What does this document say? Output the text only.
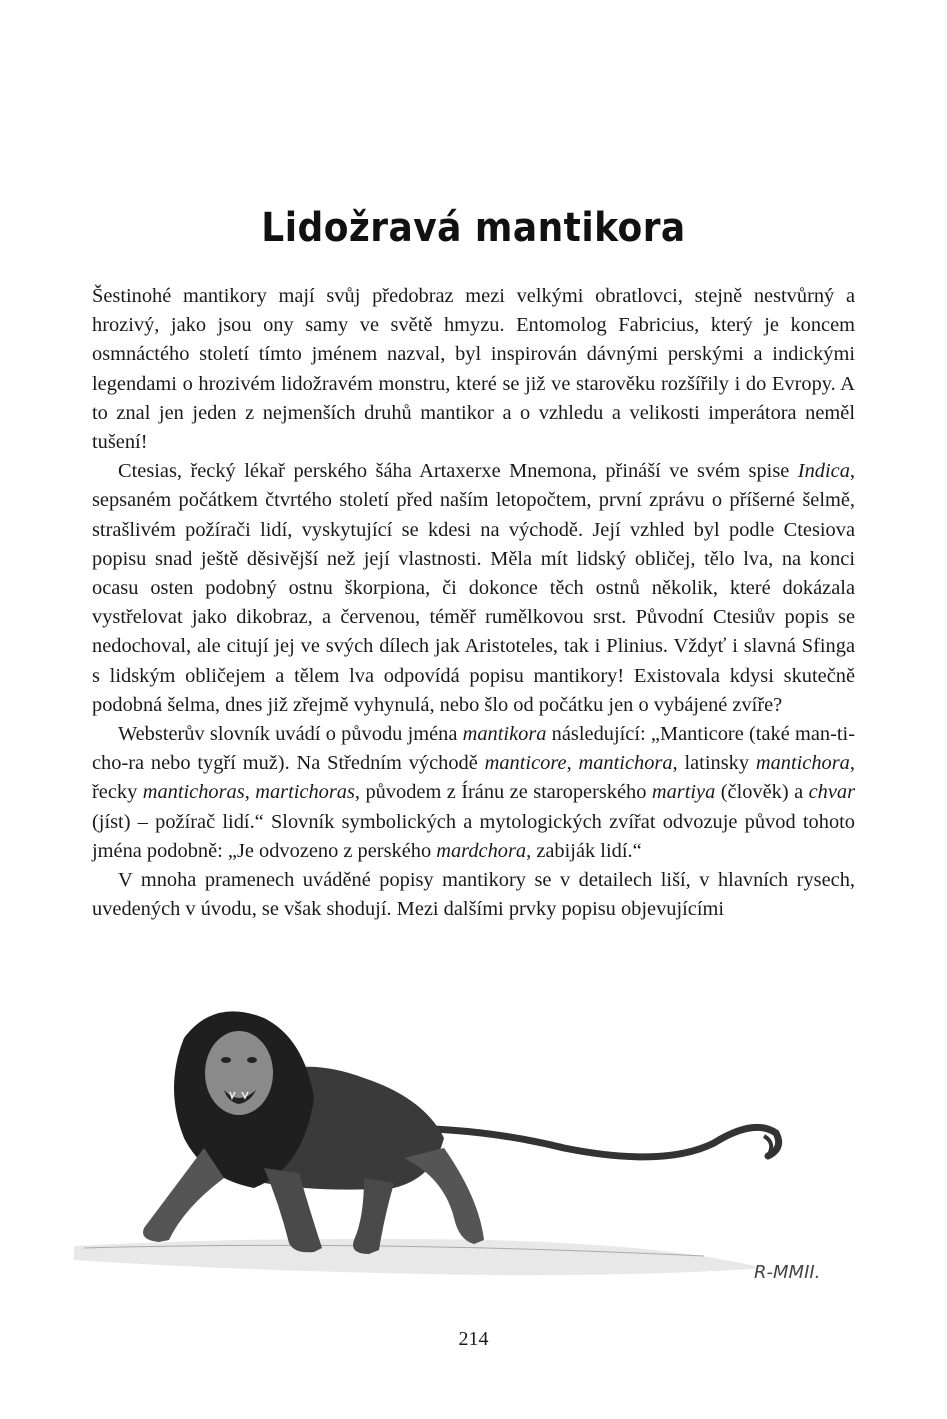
Lidožravá mantikora

Šestinohé mantikory mají svůj předobraz mezi velkými obratlovci, stejně nestvůrný a hrozivý, jako jsou ony samy ve světě hmyzu. Entomolog Fabricius, který je koncem osmnáctého století tímto jménem nazval, byl inspirován dávnými perskými a indickými legendami o hrozivém lidožravém monstru, které se již ve starověku rozšířily i do Evropy. A to znal jen jeden z nejmenších druhů mantikor a o vzhledu a velikosti imperátora neměl tušení!

Ctesias, řecký lékař perského šáha Artaxerxe Mnemona, přináší ve svém spise Indica, sepsaném počátkem čtvrtého století před naším letopočtem, první zprávu o příšerné šelmě, strašlivém požírači lidí, vyskytující se kdesi na východě. Její vzhled byl podle Ctesiova popisu snad ještě děsivější než její vlastnosti. Měla mít lidský obličej, tělo lva, na konci ocasu osten podobný ostnu škorpiona, či dokonce těch ostnů několik, které dokázala vystřelovat jako dikobraz, a červenou, téměř rumělkovou srst. Původní Ctesiův popis se nedochoval, ale citují jej ve svých dílech jak Aristoteles, tak i Plinius. Vždyť i slavná Sfinga s lidským obličejem a tělem lva odpovídá popisu mantikory! Existovala kdysi skutečně podobná šelma, dnes již zřejmě vyhynulá, nebo šlo od počátku jen o vybájené zvíře?

Websterův slovník uvádí o původu jména mantikora následující: „Manticore (také man-ti-cho-ra nebo tygří muž). Na Středním východě manticore, mantichora, latinsky mantichora, řecky mantichoras, martichoras, původem z Íránu ze staroperského martiya (člověk) a chvar (jíst) – požírač lidí.“ Slovník symbolických a mytologických zvířat odvozuje původ tohoto jména podobně: „Je odvozeno z perského mardchora, zabiják lidí.“

V mnoha pramenech uváděné popisy mantikory se v detailech liší, v hlavních rysech, uvedených v úvodu, se však shodují. Mezi dalšími prvky popisu objevujícími

R-MMII.
214
